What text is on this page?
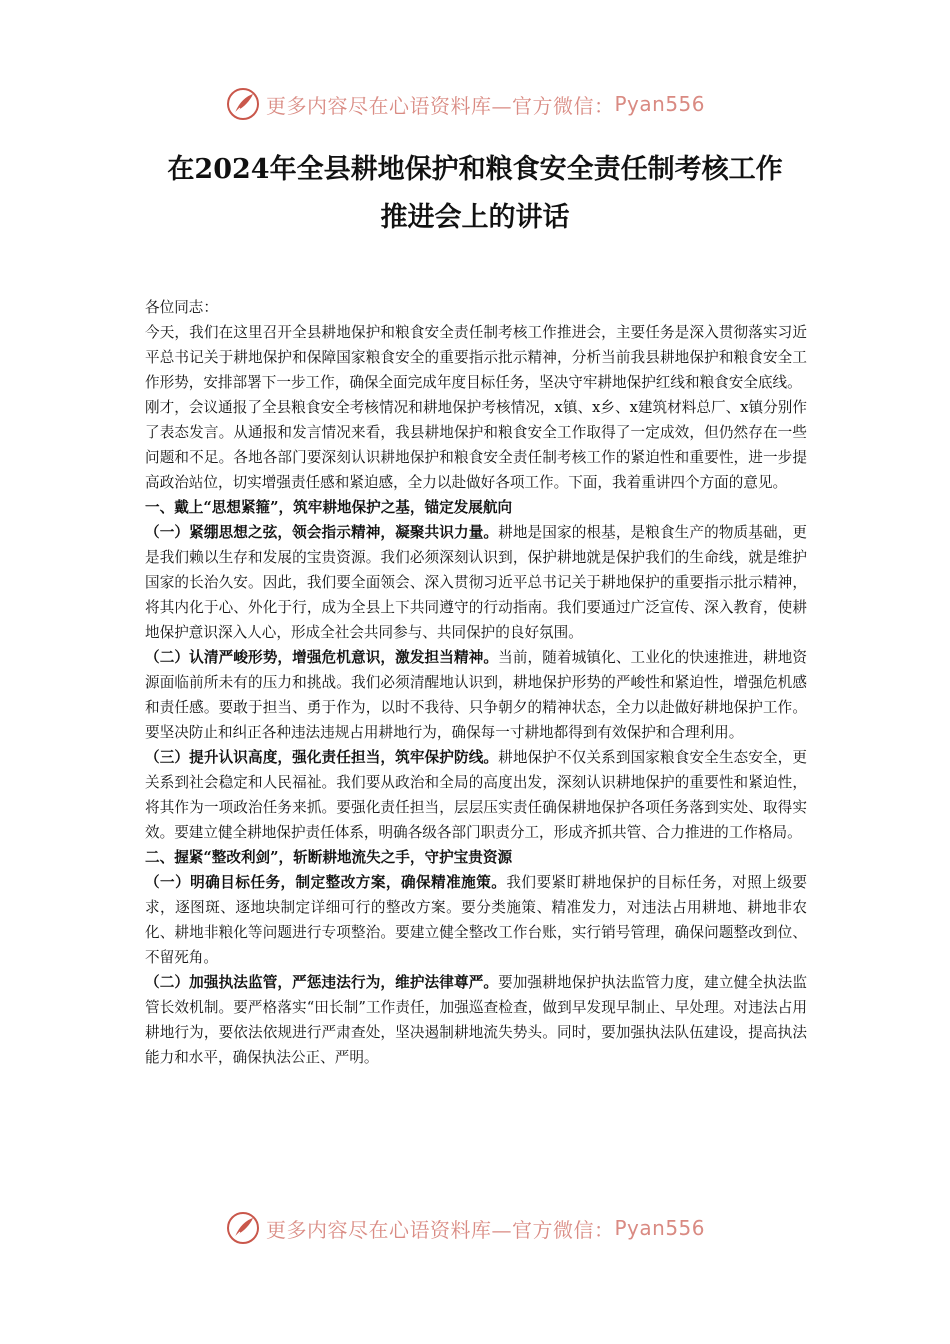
更多内容尽在心语资料库—官方微信： Pyan556
在2024年全县耕地保护和粮食安全责任制考核工作
推进会上的讲话

各位同志：

今天，我们在这里召开全县耕地保护和粮食安全责任制考核工作推进会，主要任务是深入贯彻落实习近平总书记关于耕地保护和保障国家粮食安全的重要指示批示精神，分析当前我县耕地保护和粮食安全工作形势，安排部署下一步工作，确保全面完成年度目标任务，坚决守牢耕地保护红线和粮食安全底线。

刚才，会议通报了全县粮食安全考核情况和耕地保护考核情况，x镇、x乡、x建筑材料总厂、x镇分别作了表态发言。从通报和发言情况来看，我县耕地保护和粮食安全工作取得了一定成效，但仍然存在一些问题和不足。各地各部门要深刻认识耕地保护和粮食安全责任制考核工作的紧迫性和重要性，进一步提高政治站位，切实增强责任感和紧迫感，全力以赴做好各项工作。下面，我着重讲四个方面的意见。

一、戴上“思想紧箍”，筑牢耕地保护之基，锚定发展航向

（一）紧绷思想之弦，领会指示精神，凝聚共识力量。耕地是国家的根基，是粮食生产的物质基础，更是我们赖以生存和发展的宝贵资源。我们必须深刻认识到，保护耕地就是保护我们的生命线，就是维护国家的长治久安。因此，我们要全面领会、深入贯彻习近平总书记关于耕地保护的重要指示批示精神，将其内化于心、外化于行，成为全县上下共同遵守的行动指南。我们要通过广泛宣传、深入教育，使耕地保护意识深入人心，形成全社会共同参与、共同保护的良好氛围。

（二）认清严峻形势，增强危机意识，激发担当精神。当前，随着城镇化、工业化的快速推进，耕地资源面临前所未有的压力和挑战。我们必须清醒地认识到，耕地保护形势的严峻性和紧迫性，增强危机感和责任感。要敢于担当、勇于作为，以时不我待、只争朝夕的精神状态，全力以赴做好耕地保护工作。要坚决防止和纠正各种违法违规占用耕地行为，确保每一寸耕地都得到有效保护和合理利用。

（三）提升认识高度，强化责任担当，筑牢保护防线。耕地保护不仅关系到国家粮食安全生态安全，更关系到社会稳定和人民福祉。我们要从政治和全局的高度出发，深刻认识耕地保护的重要性和紧迫性，将其作为一项政治任务来抓。要强化责任担当，层层压实责任确保耕地保护各项任务落到实处、取得实效。要建立健全耕地保护责任体系，明确各级各部门职责分工，形成齐抓共管、合力推进的工作格局。

二、握紧“整改利剑”，斩断耕地流失之手，守护宝贵资源

（一）明确目标任务，制定整改方案，确保精准施策。我们要紧盯耕地保护的目标任务，对照上级要求，逐图斑、逐地块制定详细可行的整改方案。要分类施策、精准发力，对违法占用耕地、耕地非农化、耕地非粮化等问题进行专项整治。要建立健全整改工作台账，实行销号管理，确保问题整改到位、不留死角。

（二）加强执法监管，严惩违法行为，维护法律尊严。要加强耕地保护执法监管力度，建立健全执法监管长效机制。要严格落实“田长制”工作责任，加强巡查检查，做到早发现早制止、早处理。对违法占用耕地行为，要依法依规进行严肃查处，坚决遏制耕地流失势头。同时，要加强执法队伍建设，提高执法能力和水平，确保执法公正、严明。

更多内容尽在心语资料库—官方微信： Pyan556
